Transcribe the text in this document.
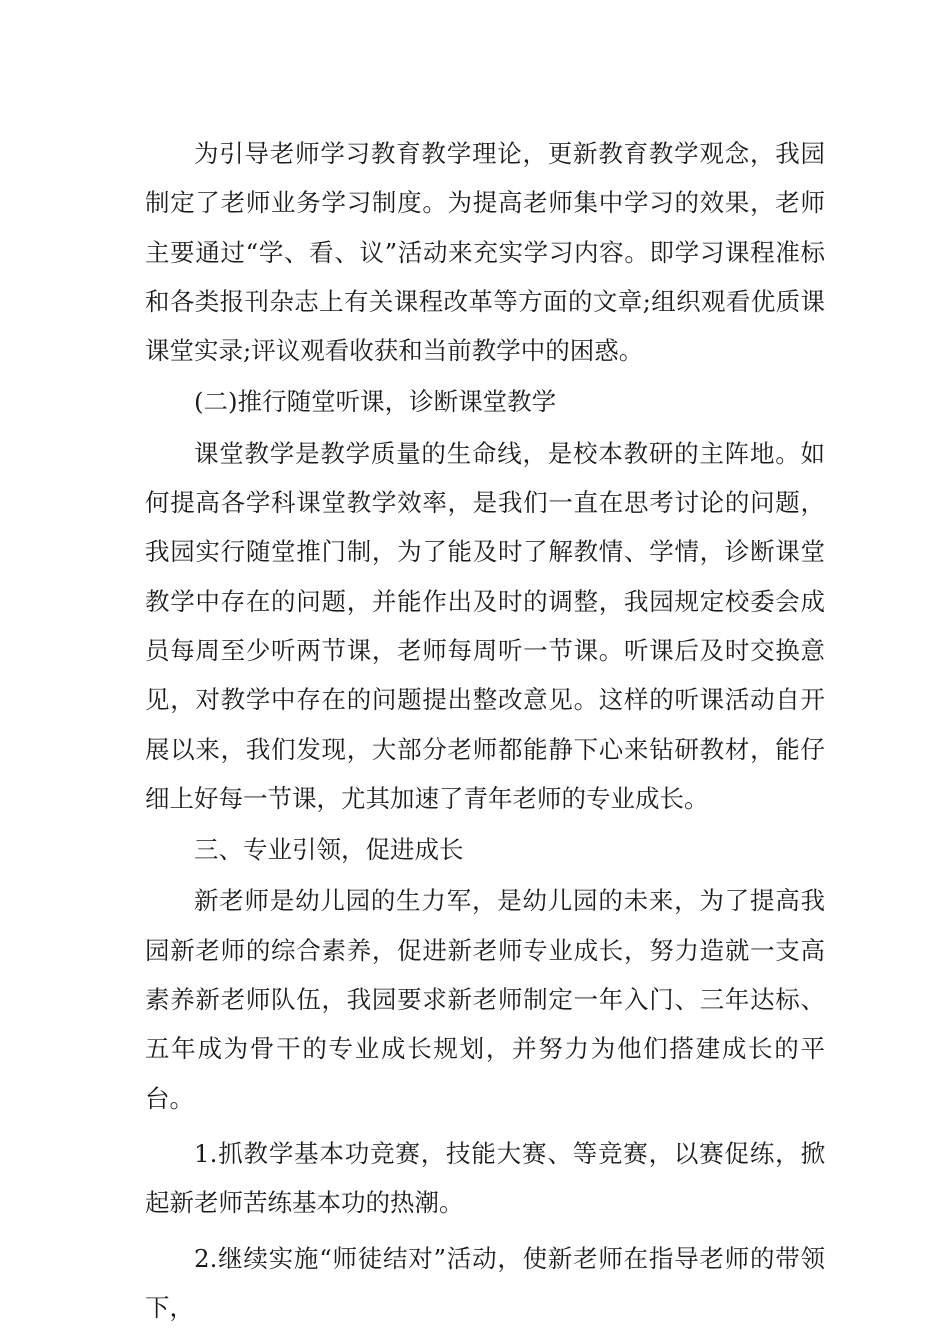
为引导老师学习教育教学理论，更新教育教学观念，我园制定了老师业务学习制度。为提高老师集中学习的效果，老师主要通过“学、看、议”活动来充实学习内容。即学习课程准标和各类报刊杂志上有关课程改革等方面的文章;组织观看优质课课堂实录;评议观看收获和当前教学中的困惑。

(二)推行随堂听课，诊断课堂教学

课堂教学是教学质量的生命线，是校本教研的主阵地。如何提高各学科课堂教学效率，是我们一直在思考讨论的问题，我园实行随堂推门制，为了能及时了解教情、学情，诊断课堂教学中存在的问题，并能作出及时的调整，我园规定校委会成员每周至少听两节课，老师每周听一节课。听课后及时交换意见，对教学中存在的问题提出整改意见。这样的听课活动自开展以来，我们发现，大部分老师都能静下心来钻研教材，能仔细上好每一节课，尤其加速了青年老师的专业成长。

三、专业引领，促进成长

新老师是幼儿园的生力军，是幼儿园的未来，为了提高我园新老师的综合素养，促进新老师专业成长，努力造就一支高素养新老师队伍，我园要求新老师制定一年入门、三年达标、五年成为骨干的专业成长规划，并努力为他们搭建成长的平台。

1.抓教学基本功竞赛，技能大赛、等竞赛，以赛促练，掀起新老师苦练基本功的热潮。

2.继续实施“师徒结对”活动，使新老师在指导老师的带领下，
